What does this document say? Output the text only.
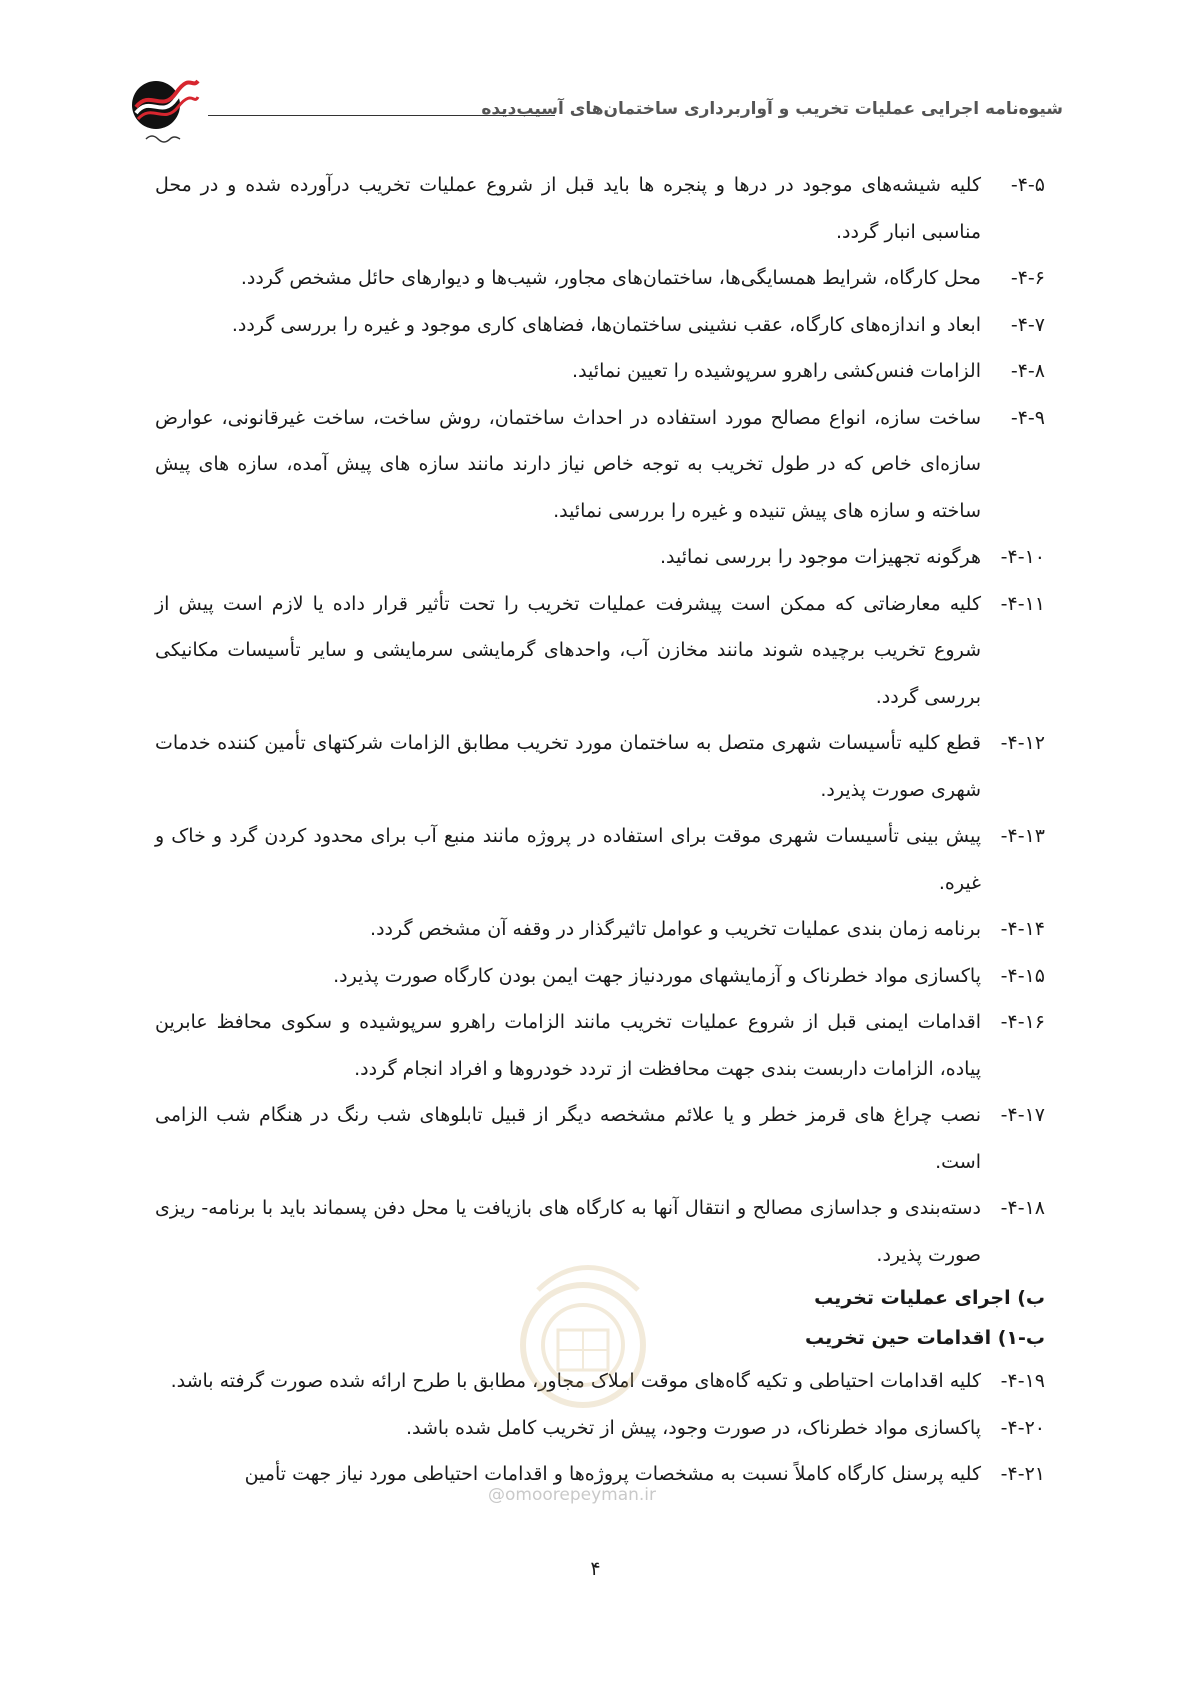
شیوه‌نامه اجرایی عملیات تخریب و آواربرداری ساختمان‌های آسیب‌دیده
۴-۵-
کلیه شیشه‌های موجود در درها و پنجره ها باید قبل از شروع عملیات تخریب درآورده شده و در محل مناسبی انبار گردد.
۴-۶-
محل کارگاه، شرایط همسایگی‌ها، ساختمان‌های مجاور، شیب‌ها و دیوارهای حائل مشخص گردد.
۴-۷-
ابعاد و اندازه‌های کارگاه، عقب نشینی ساختمان‌ها، فضاهای کاری موجود و غیره را بررسی گردد.
۴-۸-
الزامات فنس‌کشی راهرو سرپوشیده را تعیین نمائید.
۴-۹-
ساخت سازه، انواع مصالح مورد استفاده در احداث ساختمان، روش ساخت، ساخت غیرقانونی، عوارض سازه‌ای خاص که در طول تخریب به توجه خاص نیاز دارند مانند سازه های پیش آمده، سازه های پیش ساخته و سازه های پیش تنیده و غیره را بررسی نمائید.
۴-۱۰-
هرگونه تجهیزات موجود را بررسی نمائید.
۴-۱۱-
کلیه معارضاتی که ممکن است پیشرفت عملیات تخریب را تحت تأثیر قرار داده یا لازم است پیش از شروع تخریب برچیده شوند مانند مخازن آب، واحدهای گرمایشی سرمایشی و سایر تأسیسات مکانیکی بررسی گردد.
۴-۱۲-
قطع کلیه تأسیسات شهری متصل به ساختمان مورد تخریب مطابق الزامات شرکتهای تأمین کننده خدمات شهری صورت پذیرد.
۴-۱۳-
پیش بینی تأسیسات شهری موقت برای استفاده در پروژه مانند منبع آب برای محدود کردن گرد و خاک و غیره.
۴-۱۴-
برنامه زمان بندی عملیات تخریب و عوامل تاثیرگذار در وقفه آن مشخص گردد.
۴-۱۵-
پاکسازی مواد خطرناک و آزمایشهای موردنیاز جهت ایمن بودن کارگاه صورت پذیرد.
۴-۱۶-
اقدامات ایمنی قبل از شروع عملیات تخریب مانند الزامات راهرو سرپوشیده و سکوی محافظ عابرین پیاده، الزامات داربست بندی جهت محافظت از تردد خودروها و افراد انجام گردد.
۴-۱۷-
نصب چراغ های قرمز خطر و یا علائم مشخصه دیگر از قبیل تابلوهای شب رنگ در هنگام شب الزامی است.
۴-۱۸-
دسته‌بندی و جداسازی مصالح و انتقال آنها به کارگاه های بازیافت یا محل دفن پسماند باید با برنامه- ریزی صورت پذیرد.
ب) اجرای عملیات تخریب
ب-۱) اقدامات حین تخریب
۴-۱۹-
کلیه اقدامات احتیاطی و تکیه گاه‌های موقت املاک مجاور، مطابق با طرح ارائه شده صورت گرفته باشد.
۴-۲۰-
پاکسازی مواد خطرناک، در صورت وجود، پیش از تخریب کامل شده باشد.
۴-۲۱-
کلیه پرسنل کارگاه کاملاً نسبت به مشخصات پروژه‌ها و اقدامات احتیاطی مورد نیاز جهت تأمین
@omoorepeyman.ir
۴
